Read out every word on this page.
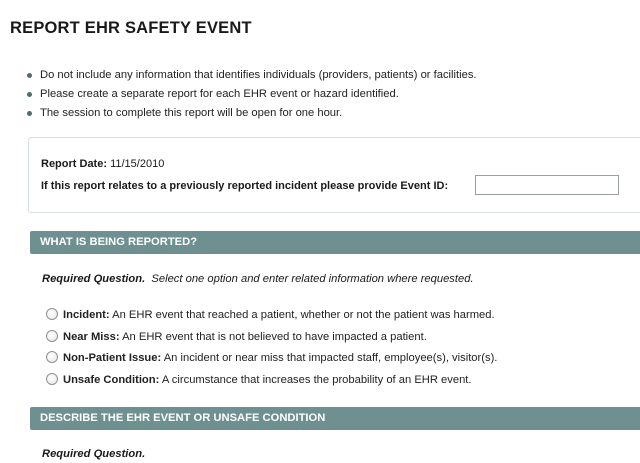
REPORT EHR SAFETY EVENT
Do not include any information that identifies individuals (providers, patients) or facilities.
Please create a separate report for each EHR event or hazard identified.
The session to complete this report will be open for one hour.
Report Date: 11/15/2010
If this report relates to a previously reported incident please provide Event ID:
WHAT IS BEING REPORTED?
Required Question. Select one option and enter related information where requested.
Incident: An EHR event that reached a patient, whether or not the patient was harmed.
Near Miss: An EHR event that is not believed to have impacted a patient.
Non-Patient Issue: An incident or near miss that impacted staff, employee(s), visitor(s).
Unsafe Condition: A circumstance that increases the probability of an EHR event.
DESCRIBE THE EHR EVENT OR UNSAFE CONDITION
Required Question.
